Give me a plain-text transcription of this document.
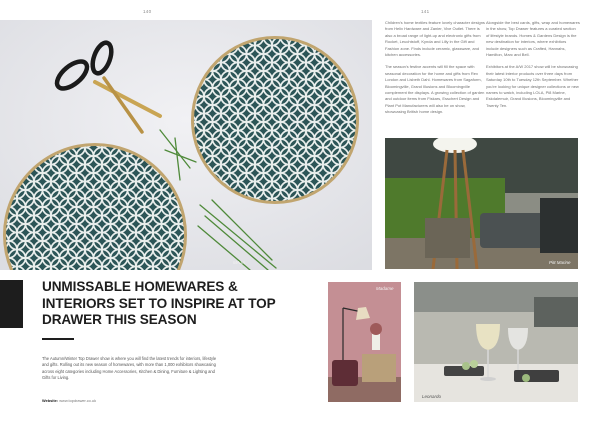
140	141
MAJA

Children's home textiles feature lovely character designs from Helix Hardware and Zanier, Vive Outlet. There is also a broad range of light-up and electronic gifts from Rocket, Leuchtstoff, Kynda and Lilly in the Gift and Fashion zone. Finds include ceramic, glassware, and kitchen accessories.

The season's festive accents will fill the space with seasonal decoration for the home and gifts from Rex London and Lisbeth Dahl. Homewares from Sagaform, Bloomingville, Grand Illusions and Bloomingville complement the displays. A growing collection of garden and outdoor items from Fiskars, Esschert Design and Plant Pot Manufacturers will also be on show, showcasing British home design.

Alongside the best cards, gifts, wrap and homewares in the show, Top Drawer features a curated section of lifestyle brands. Homes & Gardens Design is the new destination for interiors, where exhibitors include designers such as Crafted, Hannahs, Hamilton, Marc and Bell.

Exhibitors at the A/W 2017 show will be showcasing their latest interior products over three days from Saturday 10th to Tuesday 12th September. Whether you're looking for unique designer collections or new names to watch, including LOLA, Pi8 Marine, Eskdalemuir, Grand Illusions, Bloomingville and Twenty Ten.

Pi8 Marine
UNMISSABLE HOMEWARES & INTERIORS SET TO INSPIRE AT TOP DRAWER THIS SEASON
The Autumn/Winter Top Drawer show is where you will find the latest trends for interiors, lifestyle and gifts. Rolling out its new season of homewares, with more than 1,000 exhibitors showcasing across eight categories including Home Accessories, Kitchen & Dining, Furniture & Lighting and Gifts for Living.
Website: www.topdrawer.co.uk
Madame
Leonardo
